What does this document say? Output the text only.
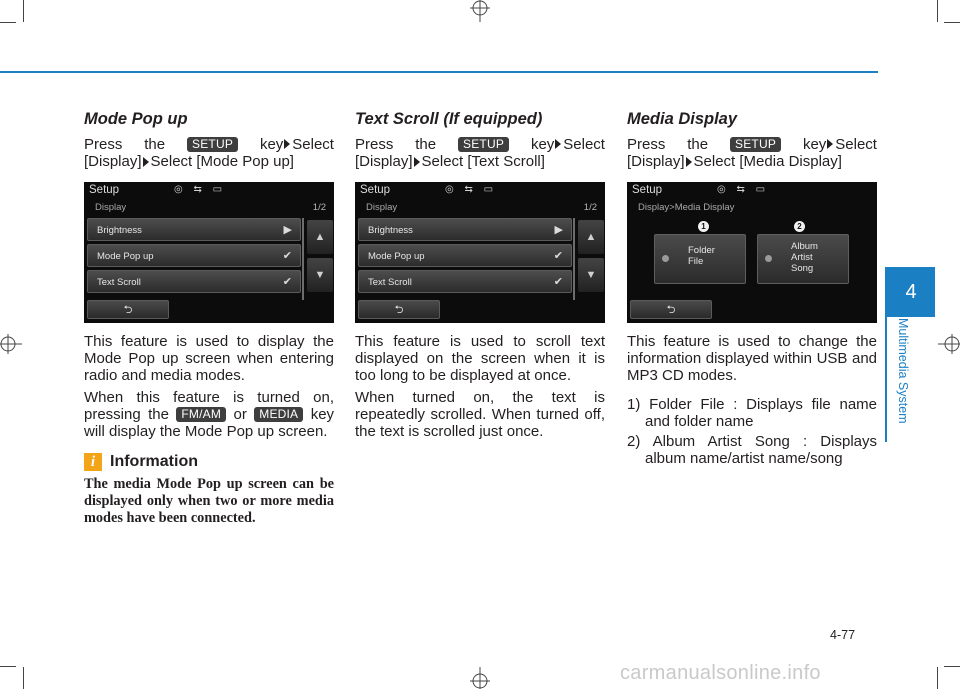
Mode Pop up
Press the	SETUP	key Select
[Display] Select [Mode Pop up]
Setup	◎ ⇆ ▭
Display	1/2
Brightness	▶
Mode Pop up	✔
Text Scroll	✔
▲
▼
⮌

This feature is used to display the Mode Pop up screen when entering radio and media modes.

When this feature is turned on, pressing the FM/AM or MEDIA key will display the Mode Pop up screen.

i Information
The media Mode Pop up screen can be displayed only when two or more media modes have been connected.
Text Scroll (If equipped)
Press the	SETUP	key Select
[Display] Select [Text Scroll]
Setup	◎ ⇆ ▭
Display	1/2
Brightness	▶
Mode Pop up	✔
Text Scroll	✔
▲
▼
⮌

This feature is used to scroll text displayed on the screen when it is too long to be displayed at once.

When turned on, the text is repeatedly scrolled. When turned off, the text is scrolled just once.

Media Display
Press the	SETUP	key Select
[Display] Select [Media Display]
Setup	◎ ⇆ ▭
Display>Media Display
1	2
Folder
File
Album
Artist
Song
⮌

This feature is used to change the information displayed within USB and MP3 CD modes.

1) Folder File : Displays file name and folder name
2) Album Artist Song : Displays album name/artist name/song
4
Multimedia System
4-77
carmanualsonline.info
